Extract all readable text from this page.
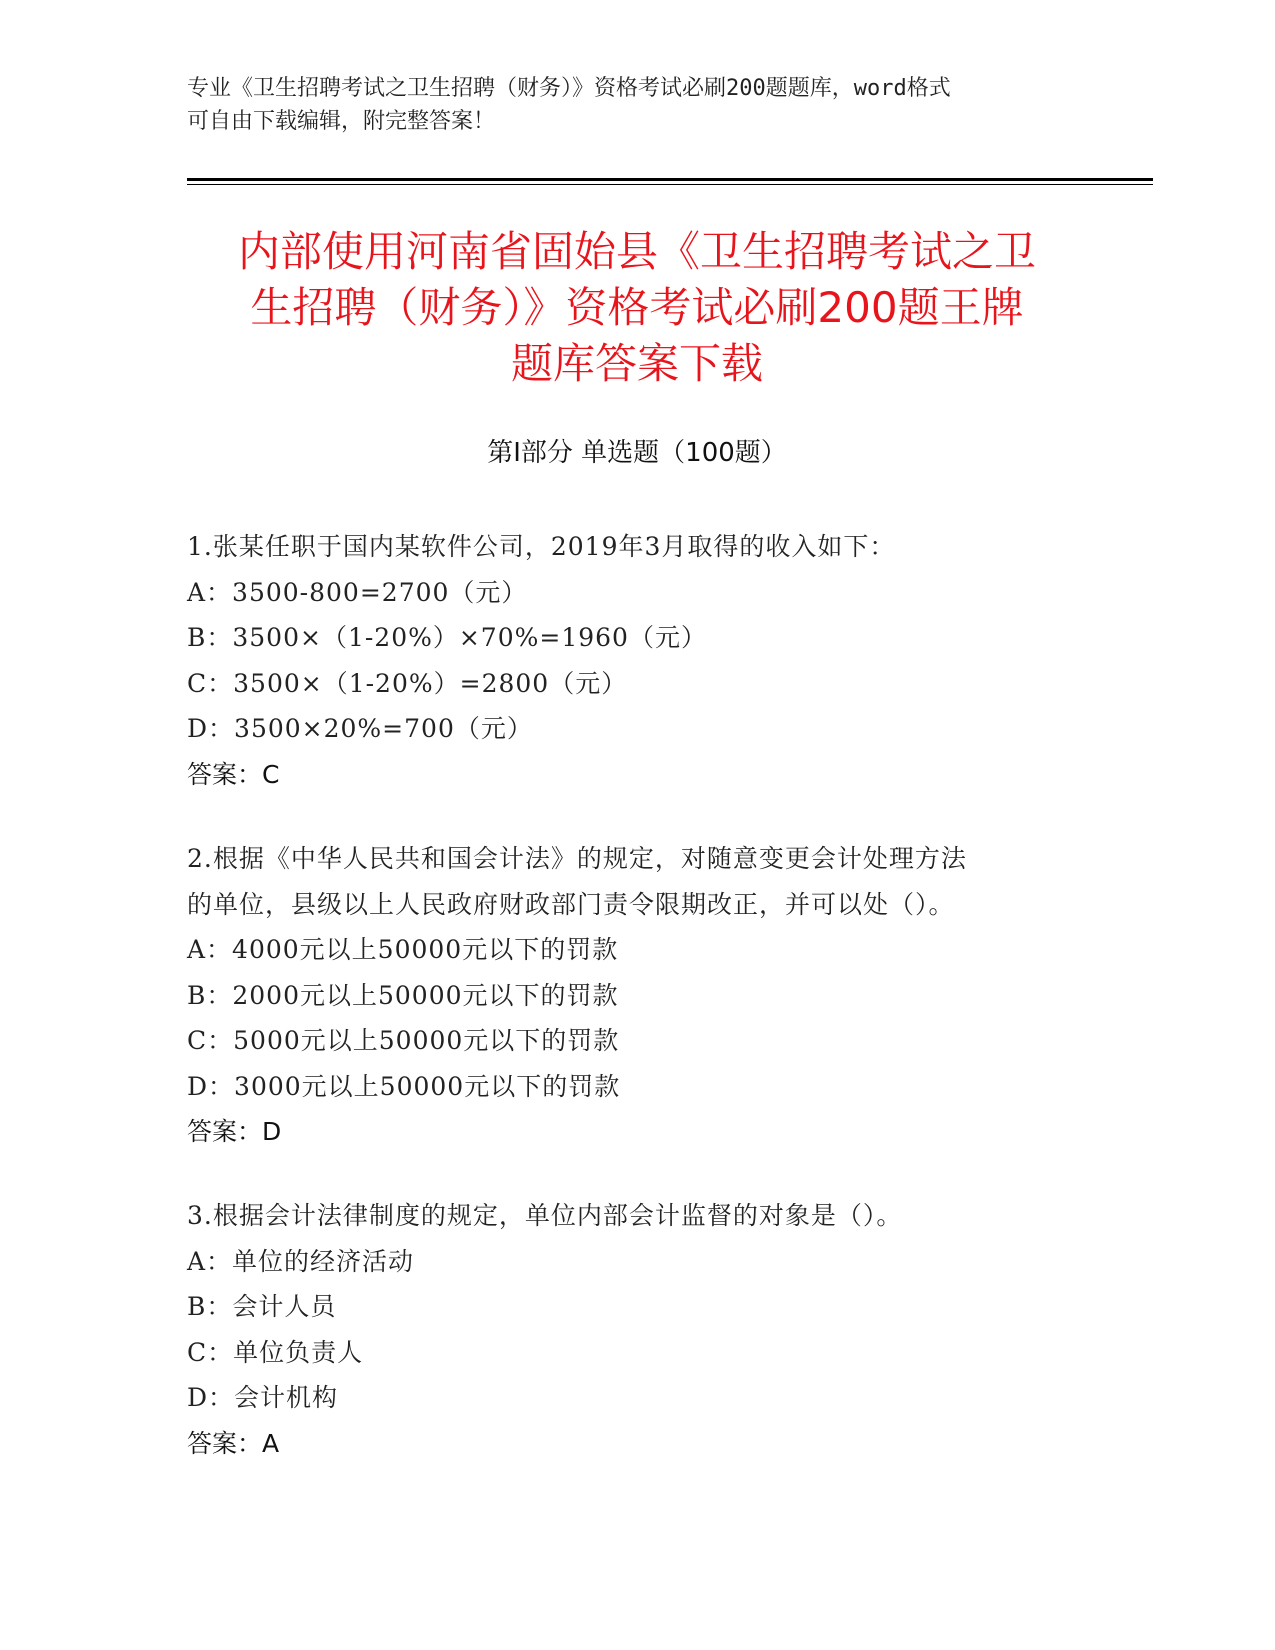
专业《卫生招聘考试之卫生招聘（财务）》资格考试必刷200题题库，word格式
可自由下载编辑，附完整答案！
内部使用河南省固始县《卫生招聘考试之卫
生招聘（财务）》资格考试必刷200题王牌
题库答案下载
第Ⅰ部分 单选题（100题）
1.张某任职于国内某软件公司，2019年3月取得的收入如下：
A：3500-800=2700（元）
B：3500×（1-20%）×70%=1960（元）
C：3500×（1-20%）=2800（元）
D：3500×20%=700（元）
答案：C
2.根据《中华人民共和国会计法》的规定，对随意变更会计处理方法
的单位，县级以上人民政府财政部门责令限期改正，并可以处（）。
A：4000元以上50000元以下的罚款
B：2000元以上50000元以下的罚款
C：5000元以上50000元以下的罚款
D：3000元以上50000元以下的罚款
答案：D
3.根据会计法律制度的规定，单位内部会计监督的对象是（）。
A：单位的经济活动
B：会计人员
C：单位负责人
D：会计机构
答案：A
